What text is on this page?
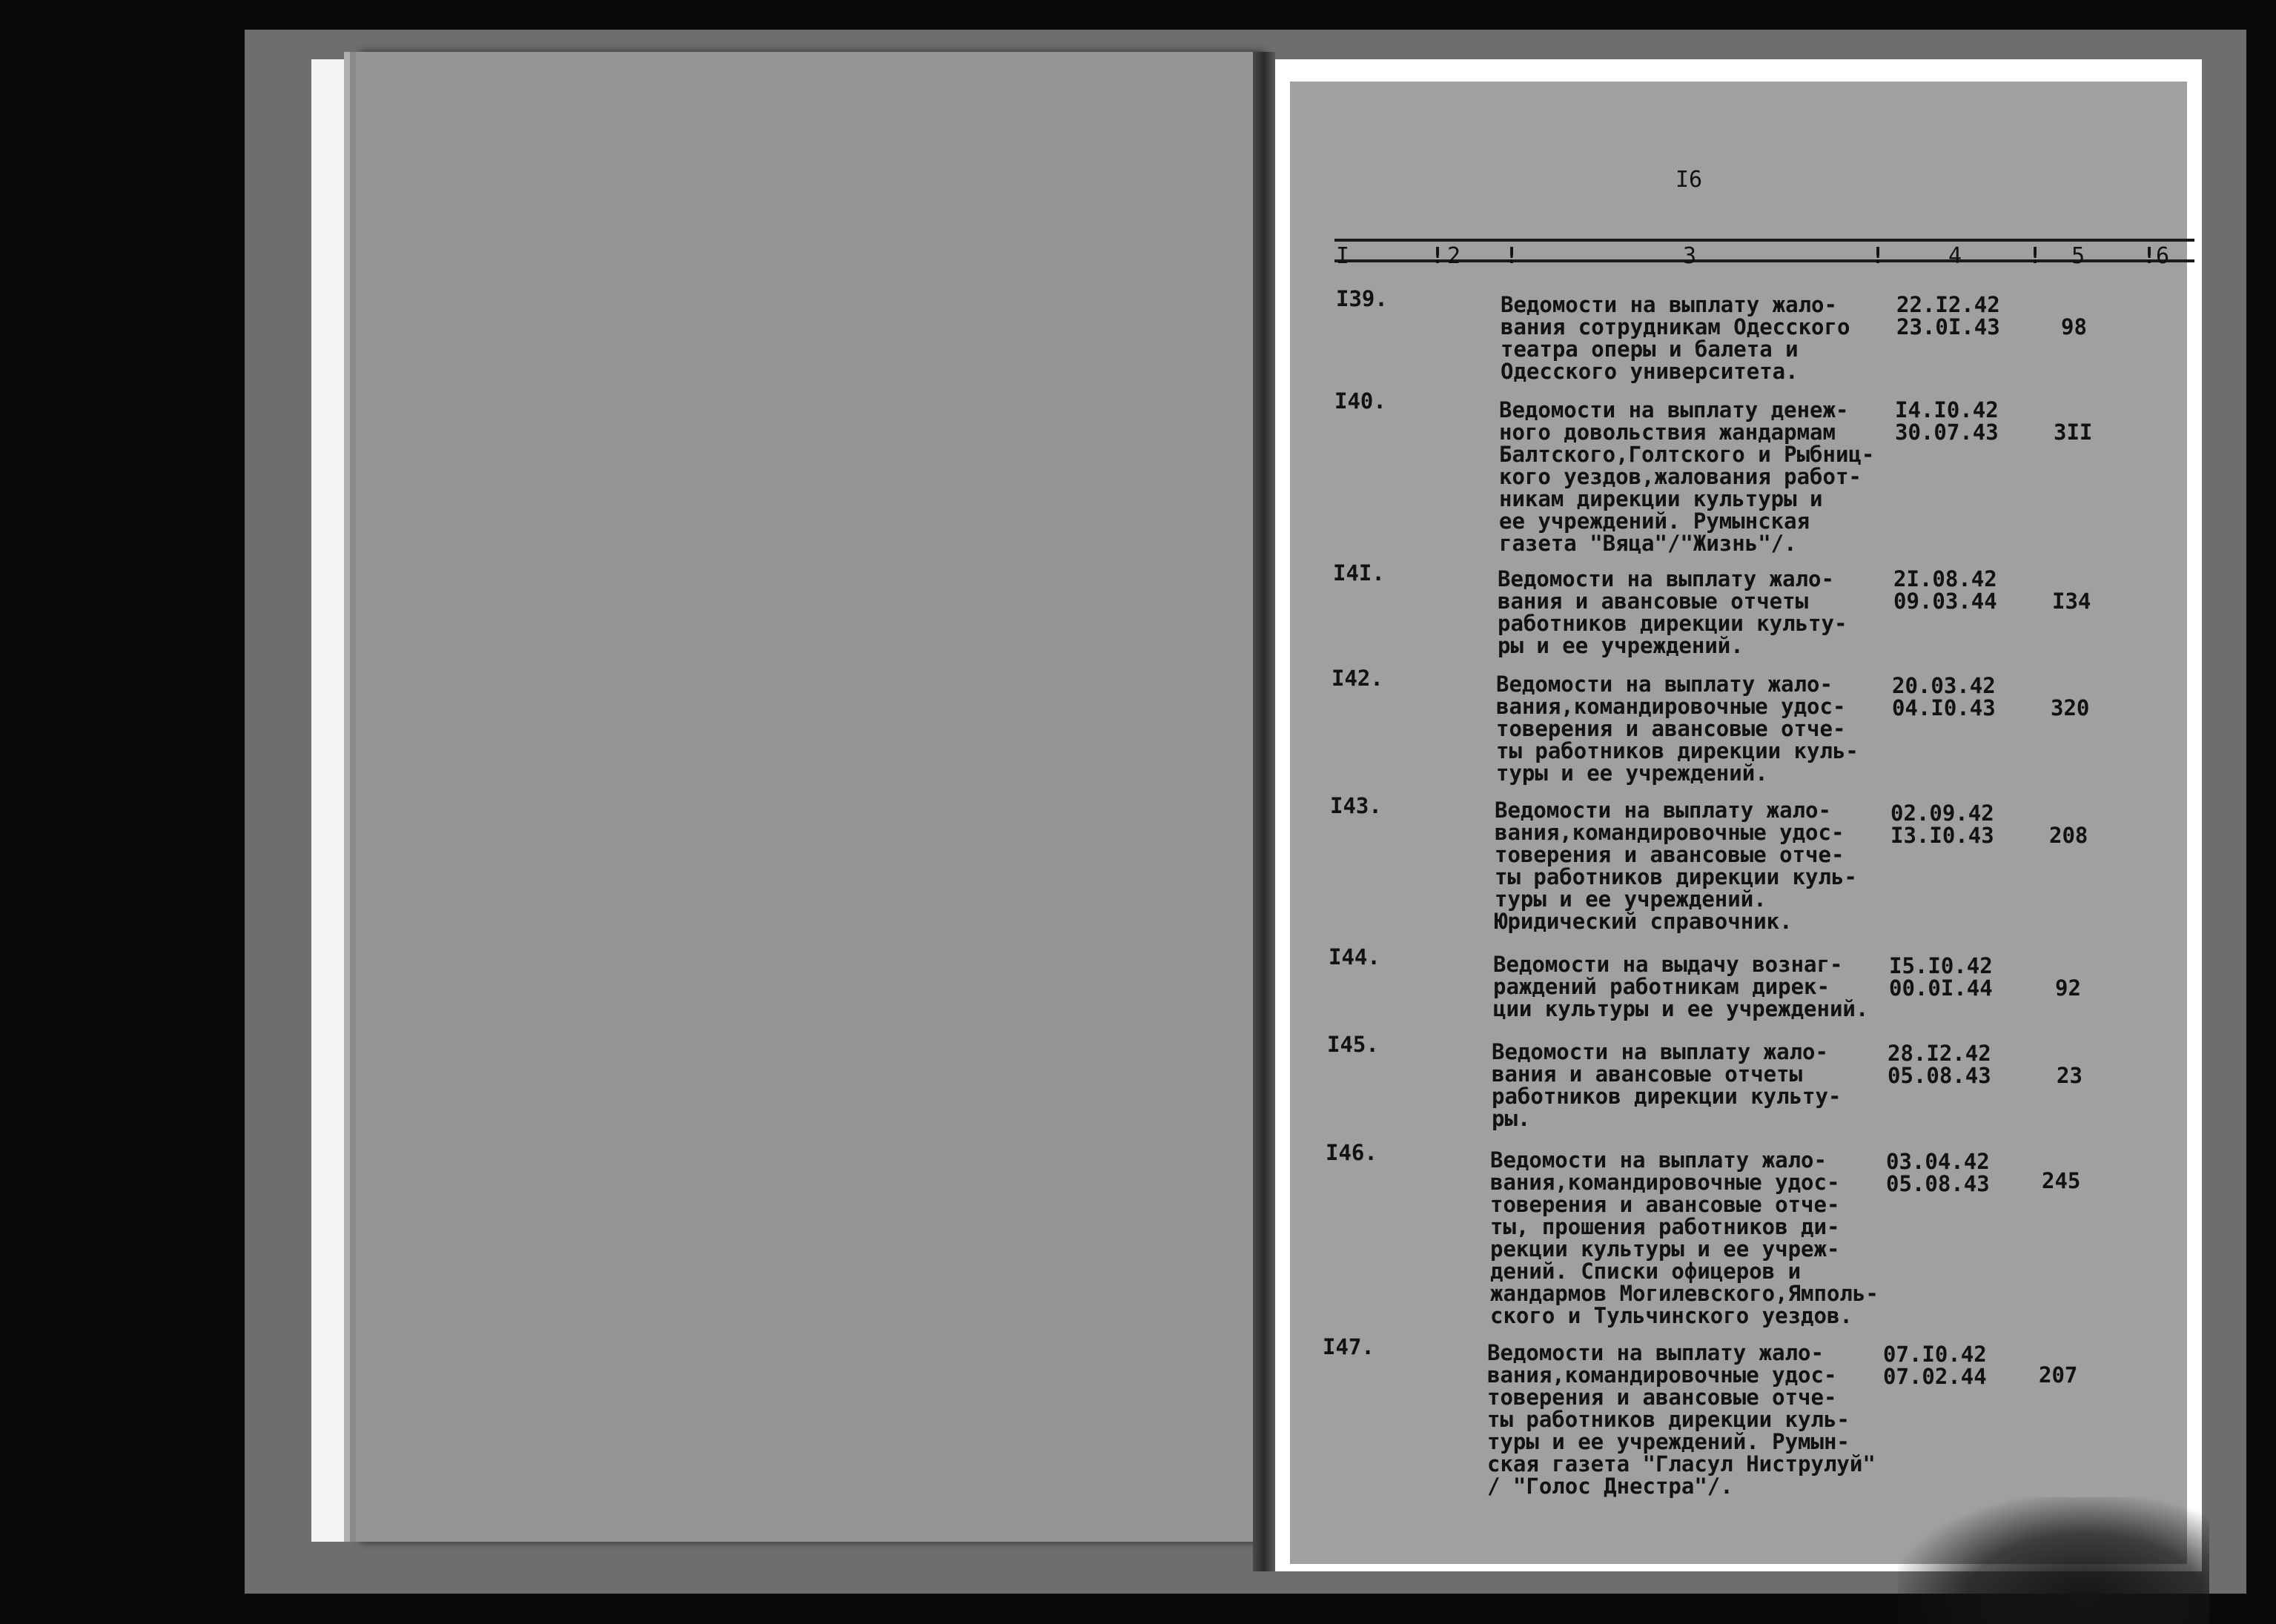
I6
I	! 2 !	3	!	4	! 5	! 6
I39.	Ведомости на выплату жало-
вания сотрудникам Одесского
театра оперы и балета и
Одесского университета.
22.I2.42
23.0I.43	98
I40.	Ведомости на выплату денеж-
ного довольствия жандармам
Балтского,Голтского и Рыбниц-
кого уездов,жалования работ-
никам дирекции культуры и
ее учреждений. Румынская
газета "Вяца"/"Жизнь"/.
I4.I0.42
30.07.43	3II
I4I.	Ведомости на выплату жало-
вания и авансовые отчеты
работников дирекции культу-
ры и ее учреждений.
2I.08.42
09.03.44	I34
I42.	Ведомости на выплату жало-
вания,командировочные удос-
товерения и авансовые отче-
ты работников дирекции куль-
туры и ее учреждений.
20.03.42
04.I0.43	320
I43.	Ведомости на выплату жало-
вания,командировочные удос-
товерения и авансовые отче-
ты работников дирекции куль-
туры и ее учреждений.
Юридический справочник.
02.09.42
I3.I0.43	208
I44.	Ведомости на выдачу вознаг-
раждений работникам дирек-
ции культуры и ее учреждений.
I5.I0.42
00.0I.44	92
I45.	Ведомости на выплату жало-
вания и авансовые отчеты
работников дирекции культу-
ры.
28.I2.42
05.08.43	23
I46.	Ведомости на выплату жало-
вания,командировочные удос-
товерения и авансовые отче-
ты, прошения работников ди-
рекции культуры и ее учреж-
дений. Списки офицеров и
жандармов Могилевского,Ямполь-
ского и Тульчинского уездов.
03.04.42
05.08.43 245
I47.	Ведомости на выплату жало-
вания,командировочные удос-
товерения и авансовые отче-
ты работников дирекции куль-
туры и ее учреждений. Румын-
ская газета "Гласул Ниструлуй"
/ "Голос Днестра"/.
07.I0.42
07.02.44 207
